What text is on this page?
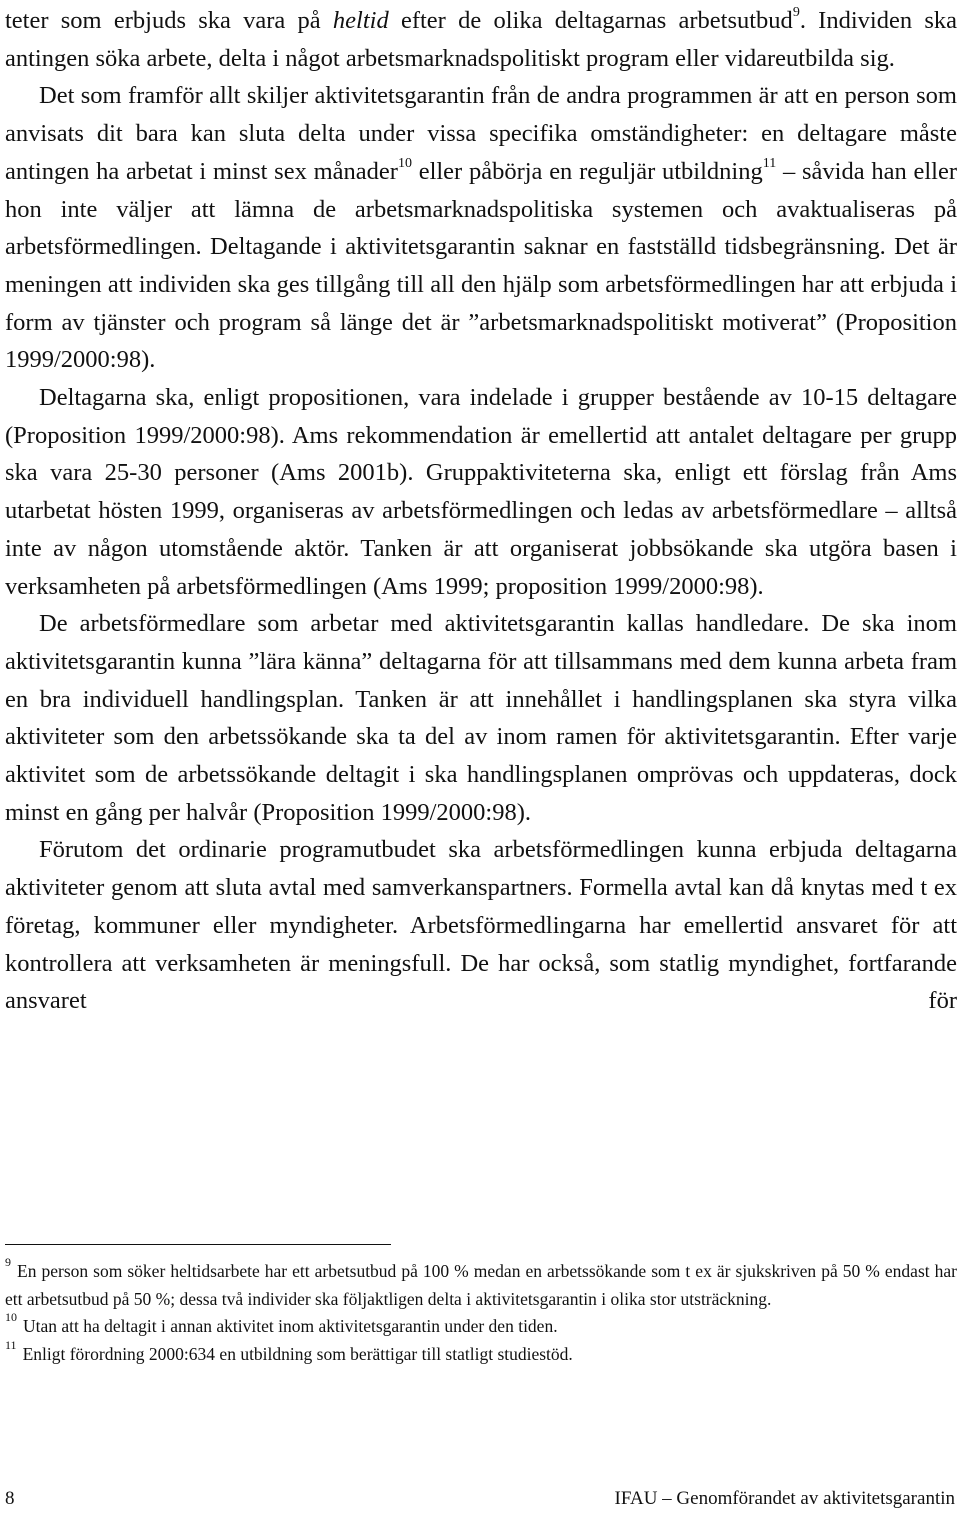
teter som erbjuds ska vara på heltid efter de olika deltagarnas arbetsutbud$^9$. Individen ska antingen söka arbete, delta i något arbetsmarknadspolitiskt program eller vidareutbilda sig.

Det som framför allt skiljer aktivitetsgarantin från de andra programmen är att en person som anvisats dit bara kan sluta delta under vissa specifika omständigheter: en deltagare måste antingen ha arbetat i minst sex månader$^{10}$ eller påbörja en reguljär utbildning$^{11}$ – såvida han eller hon inte väljer att lämna de arbetsmarknadspolitiska systemen och avaktualiseras på arbetsförmedlingen. Deltagande i aktivitetsgarantin saknar en fastställd tidsbegränsning. Det är meningen att individen ska ges tillgång till all den hjälp som arbetsförmedlingen har att erbjuda i form av tjänster och program så länge det är ”arbetsmarknadspolitiskt motiverat” (Proposition 1999/2000:98).

Deltagarna ska, enligt propositionen, vara indelade i grupper bestående av 10-15 deltagare (Proposition 1999/2000:98). Ams rekommendation är emellertid att antalet deltagare per grupp ska vara 25-30 personer (Ams 2001b). Gruppaktiviteterna ska, enligt ett förslag från Ams utarbetat hösten 1999, organiseras av arbetsförmedlingen och ledas av arbetsförmedlare – alltså inte av någon utomstående aktör. Tanken är att organiserat jobbsökande ska utgöra basen i verksamheten på arbetsförmedlingen (Ams 1999; proposition 1999/2000:98).

De arbetsförmedlare som arbetar med aktivitetsgarantin kallas handledare. De ska inom aktivitetsgarantin kunna ”lära känna” deltagarna för att tillsammans med dem kunna arbeta fram en bra individuell handlingsplan. Tanken är att innehållet i handlingsplanen ska styra vilka aktiviteter som den arbetssökande ska ta del av inom ramen för aktivitetsgarantin. Efter varje aktivitet som de arbetssökande deltagit i ska handlingsplanen omprövas och uppdateras, dock minst en gång per halvår (Proposition 1999/2000:98).

Förutom det ordinarie programutbudet ska arbetsförmedlingen kunna erbjuda deltagarna aktiviteter genom att sluta avtal med samverkanspartners. Formella avtal kan då knytas med t ex företag, kommuner eller myndigheter. Arbetsförmedlingarna har emellertid ansvaret för att kontrollera att verksamheten är meningsfull. De har också, som statlig myndighet, fortfarande ansvaret för

$^9$ En person som söker heltidsarbete har ett arbetsutbud på 100 % medan en arbetssökande som t ex är sjukskriven på 50 % endast har ett arbetsutbud på 50 %; dessa två individer ska följaktligen delta i aktivitetsgarantin i olika stor utsträckning.

$^{10}$ Utan att ha deltagit i annan aktivitet inom aktivitetsgarantin under den tiden.

$^{11}$ Enligt förordning 2000:634 en utbildning som berättigar till statligt studiestöd.

8	IFAU – Genomförandet av aktivitetsgarantin
